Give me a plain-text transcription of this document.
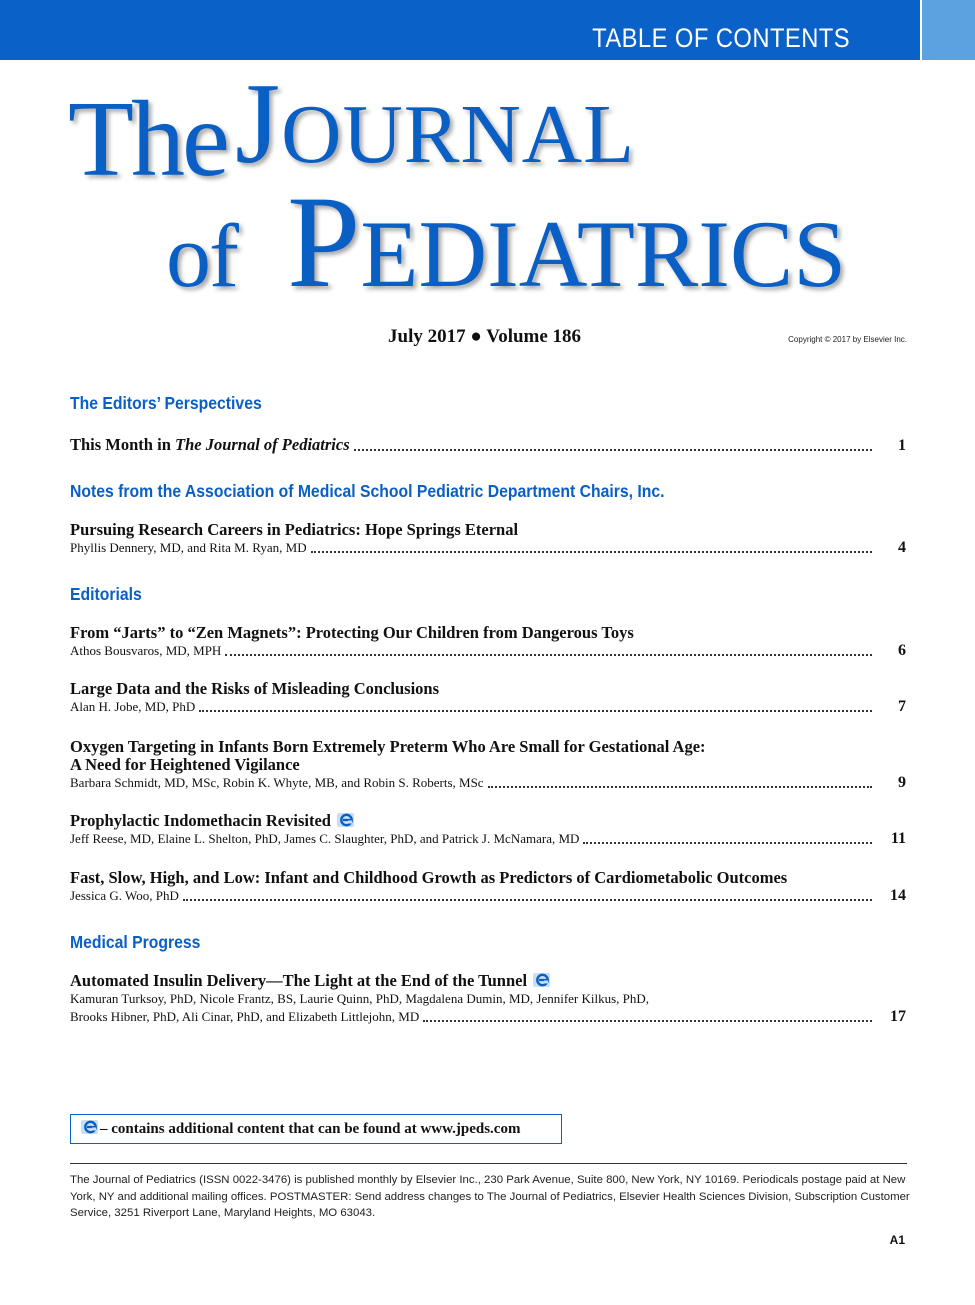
TABLE OF CONTENTS
The JOURNAL
of PEDIATRICS
July 2017 ● Volume 186	Copyright © 2017 by Elsevier Inc.
The Editors’ Perspectives
This Month in The Journal of Pediatrics	1
Notes from the Association of Medical School Pediatric Department Chairs, Inc.
Pursuing Research Careers in Pediatrics: Hope Springs Eternal
Phyllis Dennery, MD, and Rita M. Ryan, MD	4
Editorials
From “Jarts” to “Zen Magnets”: Protecting Our Children from Dangerous Toys
Athos Bousvaros, MD, MPH	6
Large Data and the Risks of Misleading Conclusions
Alan H. Jobe, MD, PhD	7
Oxygen Targeting in Infants Born Extremely Preterm Who Are Small for Gestational Age:
A Need for Heightened Vigilance
Barbara Schmidt, MD, MSc, Robin K. Whyte, MB, and Robin S. Roberts, MSc	9
Prophylactic Indomethacin Revisited
Jeff Reese, MD, Elaine L. Shelton, PhD, James C. Slaughter, PhD, and Patrick J. McNamara, MD	11
Fast, Slow, High, and Low: Infant and Childhood Growth as Predictors of Cardiometabolic Outcomes
Jessica G. Woo, PhD	14
Medical Progress
Automated Insulin Delivery—The Light at the End of the Tunnel
Kamuran Turksoy, PhD, Nicole Frantz, BS, Laurie Quinn, PhD, Magdalena Dumin, MD, Jennifer Kilkus, PhD,
Brooks Hibner, PhD, Ali Cinar, PhD, and Elizabeth Littlejohn, MD	17
– contains additional content that can be found at www.jpeds.com
The Journal of Pediatrics (ISSN 0022-3476) is published monthly by Elsevier Inc., 230 Park Avenue, Suite 800, New York, NY 10169. Periodicals postage paid at New York, NY and additional mailing offices. POSTMASTER: Send address changes to The Journal of Pediatrics, Elsevier Health Sciences Division, Subscription Customer Service, 3251 Riverport Lane, Maryland Heights, MO 63043.
A1
